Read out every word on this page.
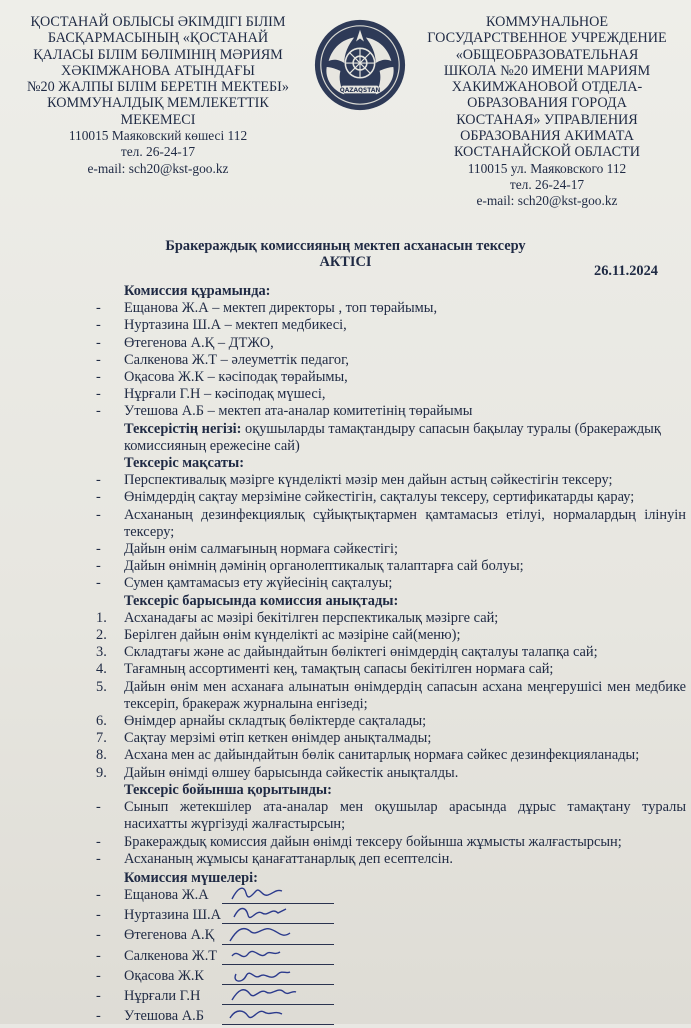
ҚОСТАНАЙ ОБЛЫСЫ ӘКІМДІГІ БІЛІМ
БАСҚАРМАСЫНЫҢ «ҚОСТАНАЙ
ҚАЛАСЫ БІЛІМ БӨЛІМІНІҢ МӘРИЯМ
ХӘКІМЖАНОВА АТЫНДАҒЫ
№20 ЖАЛПЫ БІЛІМ БЕРЕТІН МЕКТЕБІ»
КОММУНАЛДЫҚ МЕМЛЕКЕТТІК
МЕКЕМЕСІ
110015 Маяковский көшесі 112
тел. 26-24-17
e-mail: sch20@kst-goo.kz
QAZAQSTAN
КОММУНАЛЬНОЕ
ГОСУДАРСТВЕННОЕ УЧРЕЖДЕНИЕ
«ОБЩЕОБРАЗОВАТЕЛЬНАЯ
ШКОЛА №20 ИМЕНИ МАРИЯМ
ХАКИМЖАНОВОЙ ОТДЕЛА-
ОБРАЗОВАНИЯ ГОРОДА
КОСТАНАЯ» УПРАВЛЕНИЯ
ОБРАЗОВАНИЯ АКИМАТА
КОСТАНАЙСКОЙ ОБЛАСТИ
110015 ул. Маяковского 112
тел. 26-24-17
e-mail: sch20@kst-goo.kz
Бракераждық комиссияның мектеп асханасын тексеру
АКТІСІ
26.11.2024
Комиссия құрамында:
- Ещанова Ж.А – мектеп директоры , топ төрайымы,
- Нуртазина Ш.А – мектеп медбикесі,
- Өтегенова А.Қ – ДТЖО,
- Салкенова Ж.Т – әлеуметтік педагог,
- Оқасова Ж.К – кәсіподақ төрайымы,
- Нұрғали Г.Н – кәсіподақ мүшесі,
- Утешова А.Б – мектеп ата-аналар комитетінің төрайымы
Тексерістің негізі: оқушыларды тамақтандыру сапасын бақылау туралы (бракераждық комиссияның ережесіне сай)
Тексеріс мақсаты:
- Перспективалық мәзірге күнделікті мәзір мен дайын астың сәйкестігін тексеру;
- Өнімдердің сақтау мерзіміне сәйкестігін, сақталуы тексеру, сертификатарды қарау;
- Асхананың дезинфекциялық сұйықтықтармен қамтамасыз етілуі, нормалардың ілінуін тексеру;
- Дайын өнім салмағының нормаға сәйкестігі;
- Дайын өнімнің дәмінің органолептикалық талаптарға сай болуы;
- Сумен қамтамасыз ету жүйесінің сақталуы;
Тексеріс барысында комиссия анықтады:
1. Асханадағы ас мәзірі бекітілген перспектикалық мәзірге сай;
2. Берілген дайын өнім күнделікті ас мәзіріне сай(меню);
3. Складтағы және ас дайындайтын бөліктегі өнімдердің сақталуы талапқа сай;
4. Тағамның ассортименті кең, тамақтың сапасы бекітілген нормаға сай;
5. Дайын өнім мен асханаға алынатын өнімдердің сапасын асхана меңгерушісі мен медбике тексеріп, бракераж журналына енгізеді;
6. Өнімдер арнайы складтық бөліктерде сақталады;
7. Сақтау мерзімі өтіп кеткен өнімдер анықталмады;
8. Асхана мен ас дайындайтын бөлік санитарлық нормаға сәйкес дезинфекцияланады;
9. Дайын өнімді өлшеу барысында сәйкестік анықталды.
Тексеріс бойынша қорытынды:
- Сынып жетекшілер ата-аналар мен оқушылар арасында дұрыс тамақтану туралы насихатты жүргізуді жалғастырсын;
- Бракераждық комиссия дайын өнімді тексеру бойынша жұмысты жалғастырсын;
- Асхананың жұмысы қанағаттанарлық деп есептелсін.
Комиссия мүшелері:
- Ещанова Ж.А
- Нуртазина Ш.А
- Өтегенова А.Қ
- Салкенова Ж.Т
- Оқасова Ж.К
- Нұрғали Г.Н
- Утешова А.Б
